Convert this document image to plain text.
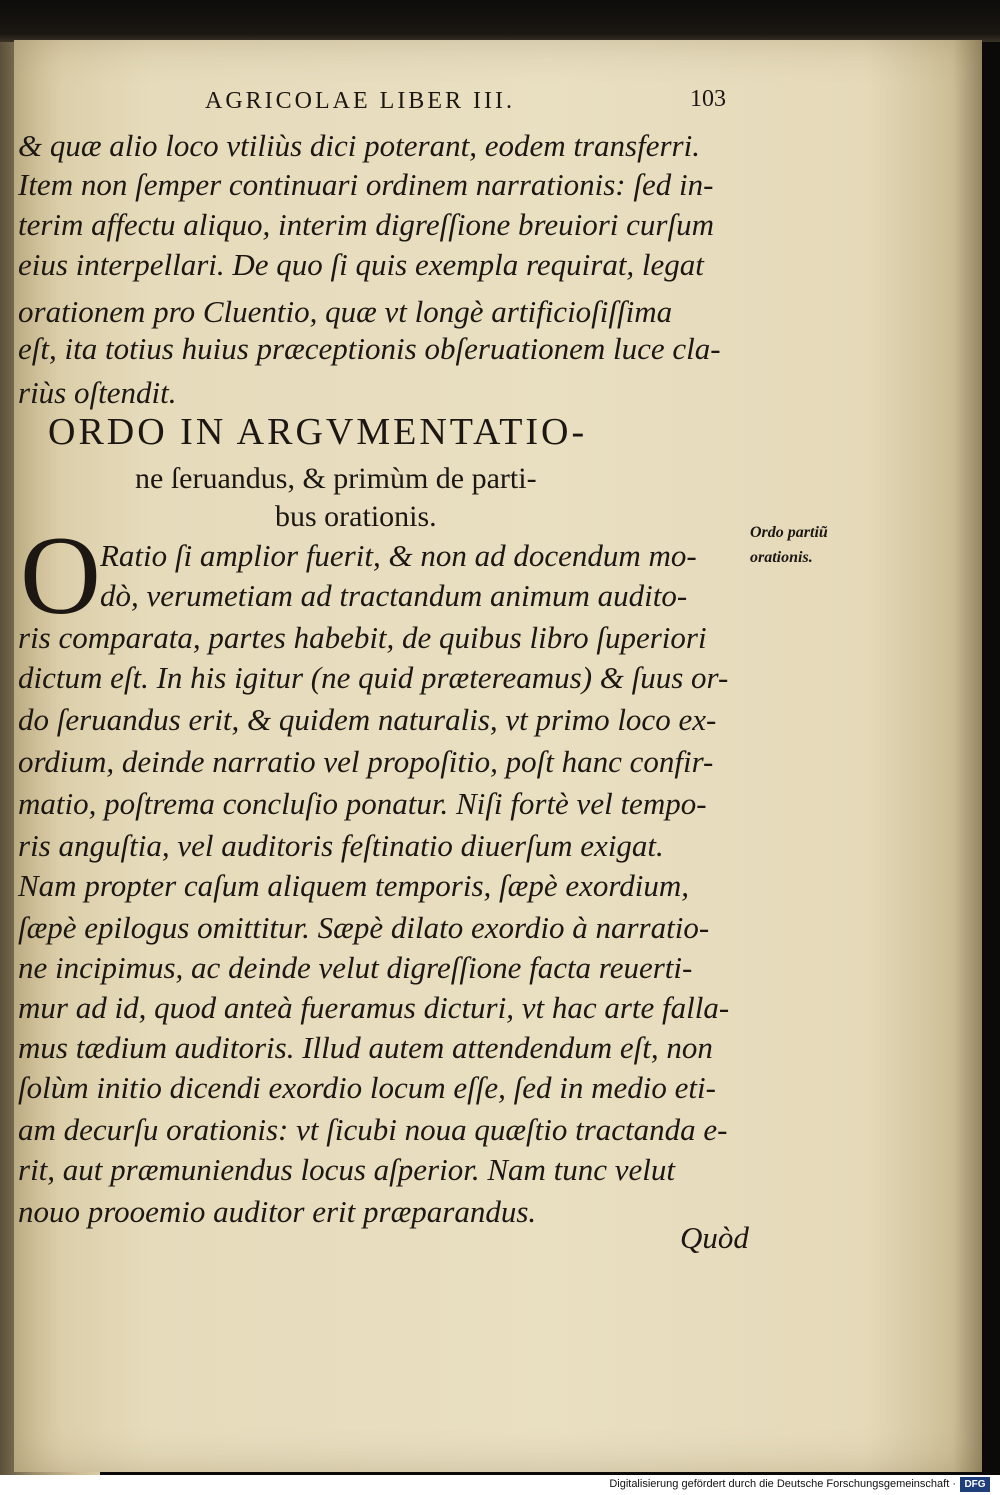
AGRICOLAE LIBER III.	103
& quæ alio loco vtiliùs dici poterant, eodem transferri.
Item non ſemper continuari ordinem narrationis: ſed in-
terim affectu aliquo, interim digreſſione breuiori curſum
eius interpellari. De quo ſi quis exempla requirat, legat
orationem pro Cluentio, quæ vt longè artificioſiſſima
eſt, ita totius huius præceptionis obſeruationem luce cla-
riùs oſtendit.
ORDO IN ARGVMENTATIO-
ne ſeruandus, & primùm de parti-
bus orationis.	Ordo partiũ
orationis.
O Ratio ſi amplior fuerit, & non ad docendum mo-
dò, verumetiam ad tractandum animum audito-
ris comparata, partes habebit, de quibus libro ſuperiori
dictum eſt. In his igitur (ne quid prætereamus) & ſuus or-
do ſeruandus erit, & quidem naturalis, vt primo loco ex-
ordium, deinde narratio vel propoſitio, poſt hanc confir-
matio, poſtrema concluſio ponatur. Niſi fortè vel tempo-
ris anguſtia, vel auditoris feſtinatio diuerſum exigat.
Nam propter caſum aliquem temporis, ſæpè exordium,
ſæpè epilogus omittitur. Sæpè dilato exordio à narratio-
ne incipimus, ac deinde velut digreſſione facta reuerti-
mur ad id, quod anteà fueramus dicturi, vt hac arte falla-
mus tædium auditoris. Illud autem attendendum eſt, non
ſolùm initio dicendi exordio locum eſſe, ſed in medio eti-
am decurſu orationis: vt ſicubi noua quæſtio tractanda e-
rit, aut præmuniendus locus aſperior. Nam tunc velut
nouo prooemio auditor erit præparandus.
Quòd
Digitalisierung gefördert durch die Deutsche Forschungsgemeinschaft · DFG
